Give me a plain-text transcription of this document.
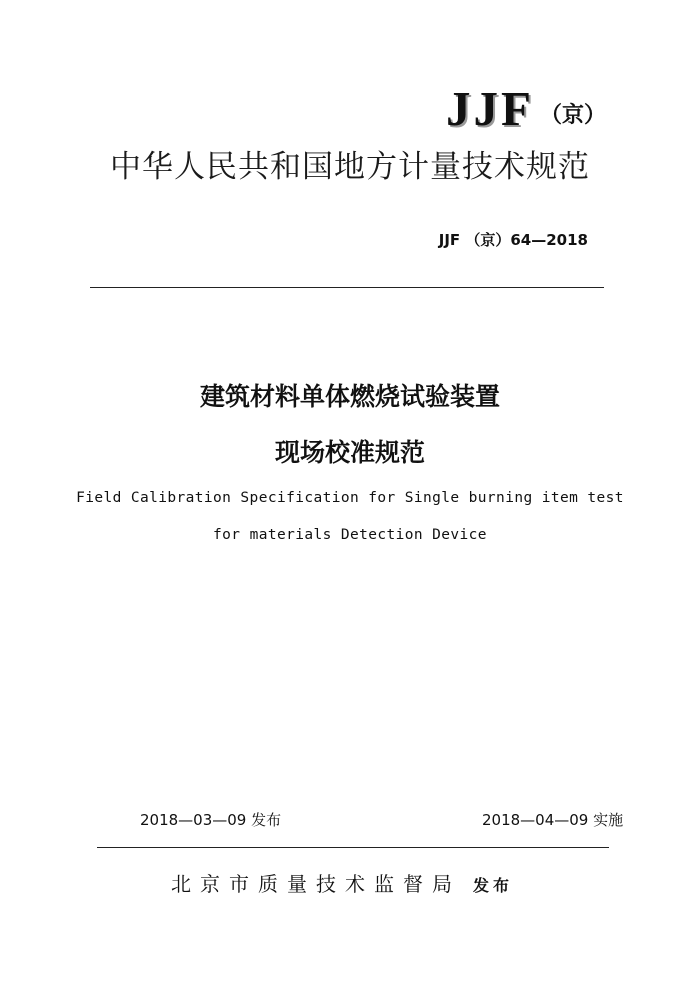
JJF （京）
中华人民共和国地方计量技术规范
JJF （京）64—2018
建筑材料单体燃烧试验装置
现场校准规范
Field Calibration Specification for Single burning item test
for materials Detection Device
2018—03—09 发布	2018—04—09 实施
北京市质量技术监督局 发布
